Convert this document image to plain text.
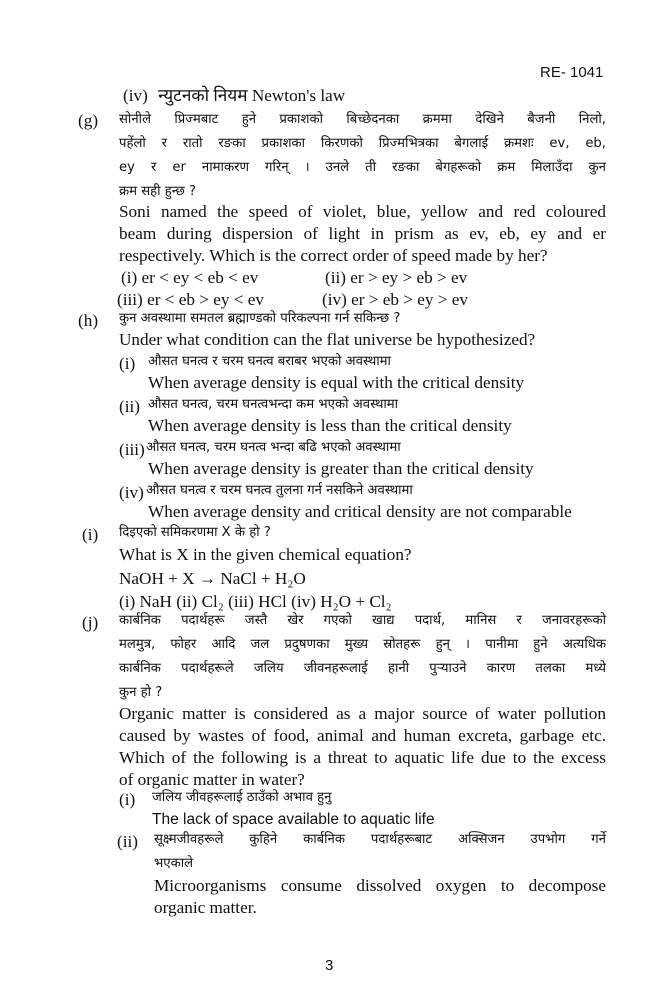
RE- 1041
(iv) न्युटनको नियम Newton's law
(g) सोनीले प्रिज्मबाट हुने प्रकाशको बिच्छेदनका क्रममा देखिने बैजनी निलो,
पहेंलो र रातो रङका प्रकाशका किरणको प्रिज्मभित्रका बेगलाई क्रमशः ev, eb,
ey र er नामाकरण गरिन् । उनले ती रङका बेगहरूको क्रम मिलाउँदा कुन
क्रम सही हुन्छ ?
Soni named the speed of violet, blue, yellow and red coloured
beam during dispersion of light in prism as ev, eb, ey and er
respectively. Which is the correct order of speed made by her?
(i) er < ey < eb < ev	(ii) er > ey > eb > ev
(iii) er < eb > ey < ev	(iv) er > eb > ey > ev
(h) कुन अवस्थामा समतल ब्रह्माण्डको परिकल्पना गर्न सकिन्छ ?
Under what condition can the flat universe be hypothesized?
(i) औसत घनत्व र चरम घनत्व बराबर भएको अवस्थामा
When average density is equal with the critical density
(ii) औसत घनत्व, चरम घनत्वभन्दा कम भएको अवस्थामा
When average density is less than the critical density
(iii) औसत घनत्व, चरम घनत्व भन्दा बढि भएको अवस्थामा
When average density is greater than the critical density
(iv) औसत घनत्व र चरम घनत्व तुलना गर्न नसकिने अवस्थामा
When average density and critical density are not comparable
(i) दिइएको समिकरणमा X के हो ?
What is X in the given chemical equation?
NaOH + X → NaCl + H₂O
(i) NaH (ii) Cl₂ (iii) HCl (iv) H₂O + Cl₂
(j) कार्बनिक पदार्थहरू जस्तै खेर गएको खाद्य पदार्थ, मानिस र जनावरहरूको
मलमुत्र, फोहर आदि जल प्रदुषणका मुख्य स्रोतहरू हुन् । पानीमा हुने अत्यधिक
कार्बनिक पदार्थहरूले जलिय जीवनहरूलाई हानी पुऱ्याउने कारण तलका मध्ये
कुन हो ?
Organic matter is considered as a major source of water pollution
caused by wastes of food, animal and human excreta, garbage etc.
Which of the following is a threat to aquatic life due to the excess
of organic matter in water?
(i) जलिय जीवहरूलाई ठाउँको अभाव हुनु
The lack of space available to aquatic life
(ii) सूक्ष्मजीवहरूले कुहिने कार्बनिक पदार्थहरूबाट अक्सिजन उपभोग गर्ने
भएकाले
Microorganisms consume dissolved oxygen to decompose
organic matter.
3
